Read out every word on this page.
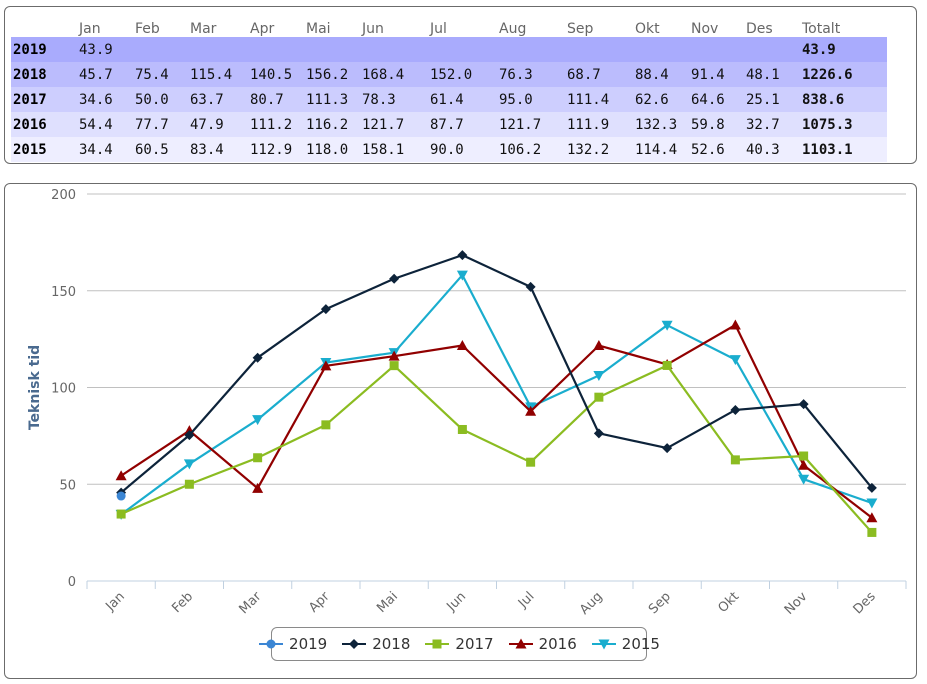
	Jan	Feb	Mar	Apr	Mai	Jun	Jul	Aug	Sep	Okt	Nov	Des	Totalt
2019	43.9												43.9
2018	45.7	75.4	115.4	140.5	156.2	168.4	152.0	76.3	68.7	88.4	91.4	48.1	1226.6
2017	34.6	50.0	63.7	80.7	111.3	78.3	61.4	95.0	111.4	62.6	64.6	25.1	838.6
2016	54.4	77.7	47.9	111.2	116.2	121.7	87.7	121.7	111.9	132.3	59.8	32.7	1075.3
2015	34.4	60.5	83.4	112.9	118.0	158.1	90.0	106.2	132.2	114.4	52.6	40.3	1103.1
0
50
100
150
200
Jan	Feb	Mar	Apr	Mai	Jun	Jul	Aug	Sep	Okt	Nov	Des
Teknisk tid
2019	2018	2017	2016	2015
